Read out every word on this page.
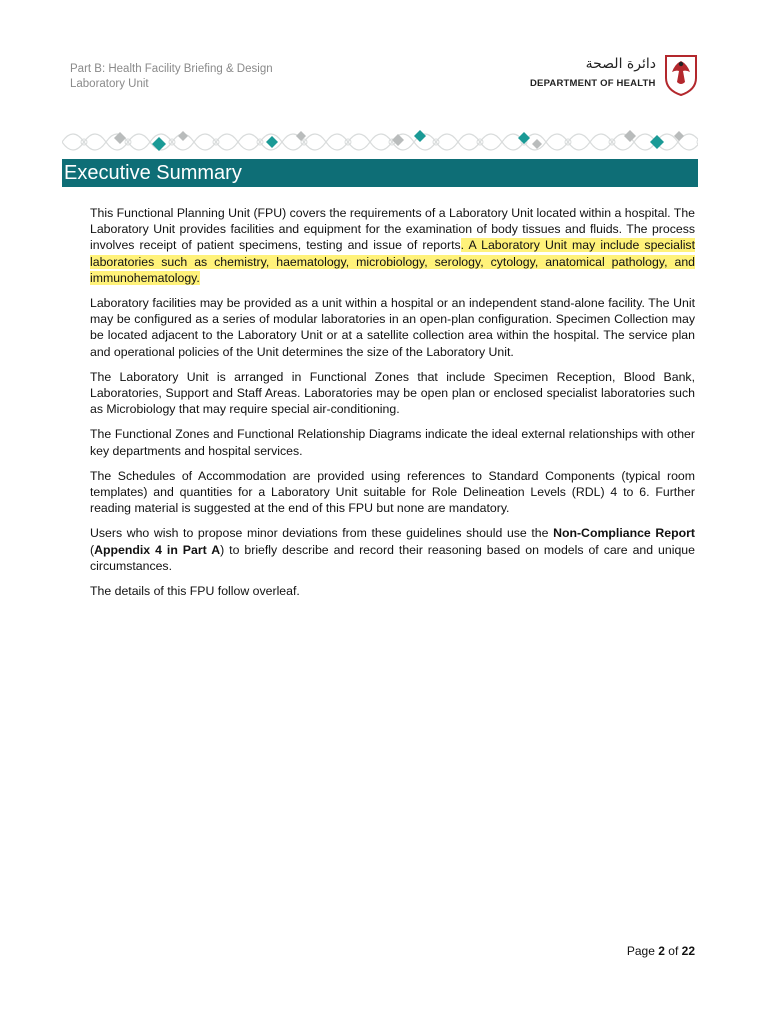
Part B: Health Facility Briefing & Design
Laboratory Unit
دائرة الصحة
DEPARTMENT OF HEALTH
Executive Summary

This Functional Planning Unit (FPU) covers the requirements of a Laboratory Unit located within a hospital. The Laboratory Unit provides facilities and equipment for the examination of body tissues and fluids. The process involves receipt of patient specimens, testing and issue of reports. A Laboratory Unit may include specialist laboratories such as chemistry, haematology, microbiology, serology, cytology, anatomical pathology, and immunohematology.

Laboratory facilities may be provided as a unit within a hospital or an independent stand-alone facility. The Unit may be configured as a series of modular laboratories in an open-plan configuration. Specimen Collection may be located adjacent to the Laboratory Unit or at a satellite collection area within the hospital. The service plan and operational policies of the Unit determines the size of the Laboratory Unit.

The Laboratory Unit is arranged in Functional Zones that include Specimen Reception, Blood Bank, Laboratories, Support and Staff Areas. Laboratories may be open plan or enclosed specialist laboratories such as Microbiology that may require special air-conditioning.

The Functional Zones and Functional Relationship Diagrams indicate the ideal external relationships with other key departments and hospital services.

The Schedules of Accommodation are provided using references to Standard Components (typical room templates) and quantities for a Laboratory Unit suitable for Role Delineation Levels (RDL) 4 to 6. Further reading material is suggested at the end of this FPU but none are mandatory.

Users who wish to propose minor deviations from these guidelines should use the Non-Compliance Report (Appendix 4 in Part A) to briefly describe and record their reasoning based on models of care and unique circumstances.

The details of this FPU follow overleaf.

Page 2 of 22
